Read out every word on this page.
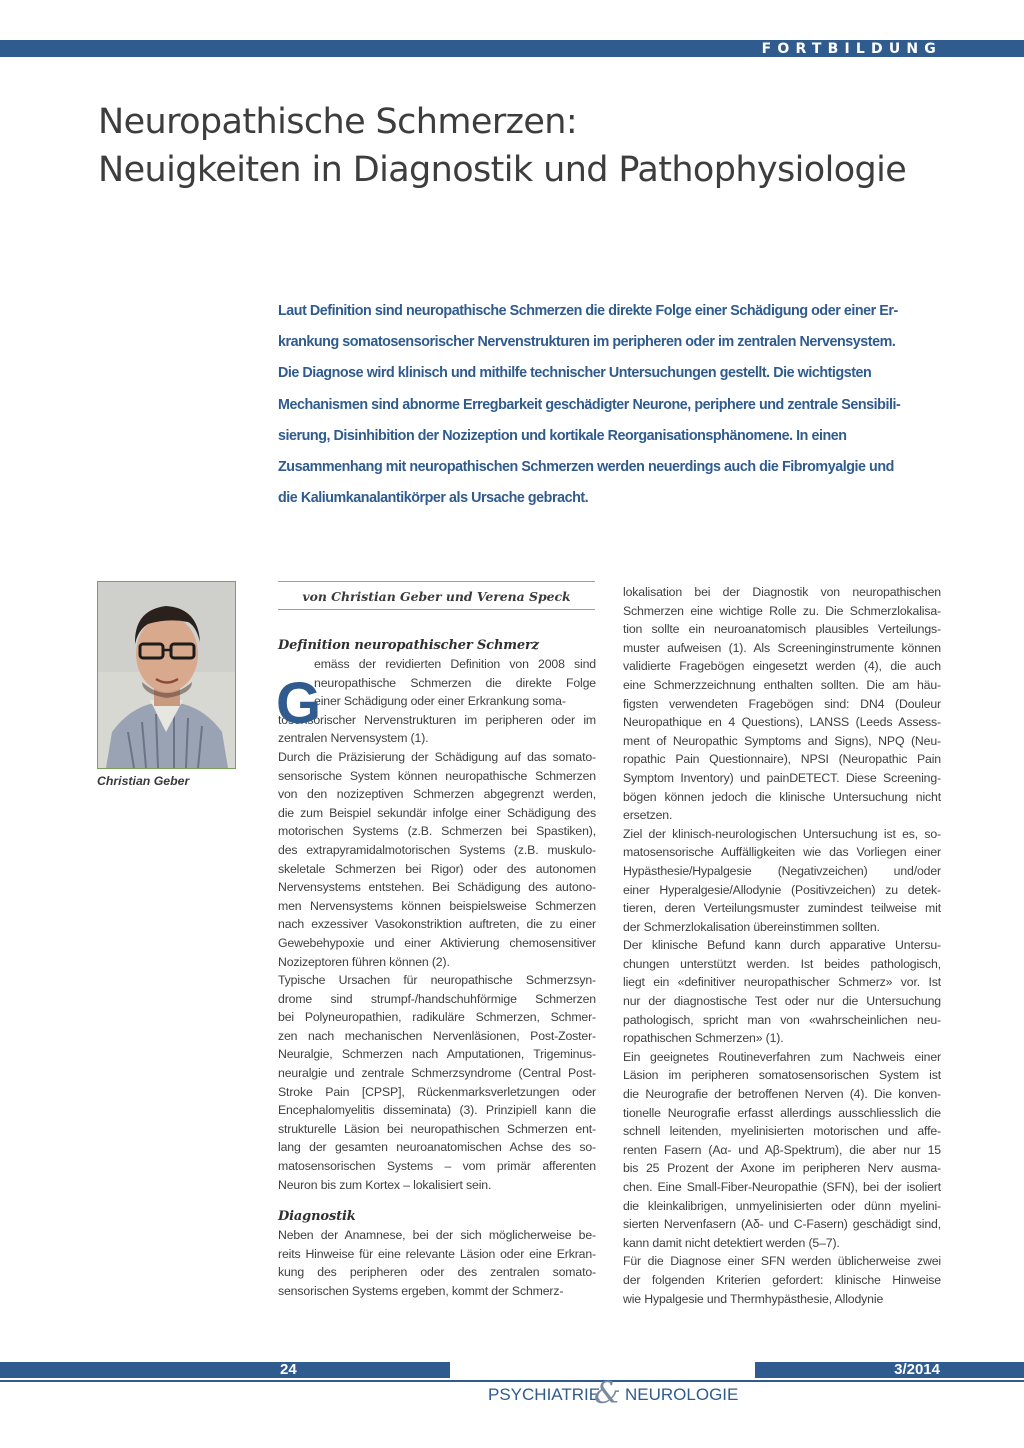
FORTBILDUNG
Neuropathische Schmerzen:
Neuigkeiten in Diagnostik und Pathophysiologie
Laut Definition sind neuropathische Schmerzen die direkte Folge einer Schädigung oder einer Er-
krankung somatosensorischer Nervenstrukturen im peripheren oder im zentralen Nervensystem.
Die Diagnose wird klinisch und mithilfe technischer Untersuchungen gestellt. Die wichtigsten
Mechanismen sind abnorme Erregbarkeit geschädigter Neurone, periphere und zentrale Sensibili-
sierung, Disinhibition der Nozizeption und kortikale Reorganisationsphänomene. In einen
Zusammenhang mit neuropathischen Schmerzen werden neuerdings auch die Fibromyalgie und
die Kaliumkanalantikörper als Ursache gebracht.
Christian Geber
von Christian Geber und Verena Speck
Definition neuropathischer Schmerz
G
emäss der revidierten Definition von 2008 sind
neuropathische Schmerzen die direkte Folge
einer Schädigung oder einer Erkrankung soma-
tosensorischer Nervenstrukturen im peripheren oder im
zentralen Nervensystem (1).
Durch die Präzisierung der Schädigung auf das somato-
sensorische System können neuropathische Schmerzen
von den nozizeptiven Schmerzen abgegrenzt werden,
die zum Beispiel sekundär infolge einer Schädigung des
motorischen Systems (z.B. Schmerzen bei Spastiken),
des extrapyramidalmotorischen Systems (z.B. muskulo-
skeletale Schmerzen bei Rigor) oder des autonomen
Nervensystems entstehen. Bei Schädigung des autono-
men Nervensystems können beispielsweise Schmerzen
nach exzessiver Vasokonstriktion auftreten, die zu einer
Gewebehypoxie und einer Aktivierung chemosensitiver
Nozizeptoren führen können (2).
Typische Ursachen für neuropathische Schmerzsyn-
drome sind strumpf-/handschuhförmige Schmerzen
bei Polyneuropathien, radikuläre Schmerzen, Schmer-
zen nach mechanischen Nervenläsionen, Post-Zoster-
Neuralgie, Schmerzen nach Amputationen, Trigeminus-
neuralgie und zentrale Schmerzsyndrome (Central Post-
Stroke Pain [CPSP], Rückenmarksverletzungen oder
Encephalomyelitis disseminata) (3). Prinzipiell kann die
strukturelle Läsion bei neuropathischen Schmerzen ent-
lang der gesamten neuroanatomischen Achse des so-
matosensorischen Systems – vom primär afferenten
Neuron bis zum Kortex – lokalisiert sein.
Diagnostik
Neben der Anamnese, bei der sich möglicherweise be-
reits Hinweise für eine relevante Läsion oder eine Erkran-
kung des peripheren oder des zentralen somato-
sensorischen Systems ergeben, kommt der Schmerz-
lokalisation bei der Diagnostik von neuropathischen
Schmerzen eine wichtige Rolle zu. Die Schmerzlokalisa-
tion sollte ein neuroanatomisch plausibles Verteilungs-
muster aufweisen (1). Als Screeninginstrumente können
validierte Fragebögen eingesetzt werden (4), die auch
eine Schmerzzeichnung enthalten sollten. Die am häu-
figsten verwendeten Fragebögen sind: DN4 (Douleur
Neuropathique en 4 Questions), LANSS (Leeds Assess-
ment of Neuropathic Symptoms and Signs), NPQ (Neu-
ropathic Pain Questionnaire), NPSI (Neuropathic Pain
Symptom Inventory) und painDETECT. Diese Screening-
bögen können jedoch die klinische Untersuchung nicht
ersetzen.
Ziel der klinisch-neurologischen Untersuchung ist es, so-
matosensorische Auffälligkeiten wie das Vorliegen einer
Hypästhesie/Hypalgesie (Negativzeichen) und/oder
einer Hyperalgesie/Allodynie (Positivzeichen) zu detek-
tieren, deren Verteilungsmuster zumindest teilweise mit
der Schmerzlokalisation übereinstimmen sollten.
Der klinische Befund kann durch apparative Untersu-
chungen unterstützt werden. Ist beides pathologisch,
liegt ein «definitiver neuropathischer Schmerz» vor. Ist
nur der diagnostische Test oder nur die Untersuchung
pathologisch, spricht man von «wahrscheinlichen neu-
ropathischen Schmerzen» (1).
Ein geeignetes Routineverfahren zum Nachweis einer
Läsion im peripheren somatosensorischen System ist
die Neurografie der betroffenen Nerven (4). Die konven-
tionelle Neurografie erfasst allerdings ausschliesslich die
schnell leitenden, myelinisierten motorischen und affe-
renten Fasern (Aα- und Aβ-Spektrum), die aber nur 15
bis 25 Prozent der Axone im peripheren Nerv ausma-
chen. Eine Small-Fiber-Neuropathie (SFN), bei der isoliert
die kleinkalibrigen, unmyelinisierten oder dünn myelini-
sierten Nervenfasern (Aδ- und C-Fasern) geschädigt sind,
kann damit nicht detektiert werden (5–7).
Für die Diagnose einer SFN werden üblicherweise zwei
der folgenden Kriterien gefordert: klinische Hinweise
wie Hypalgesie und Thermhypästhesie, Allodynie
24	3/2014
PSYCHIATRIE
& NEUROLOGIE
